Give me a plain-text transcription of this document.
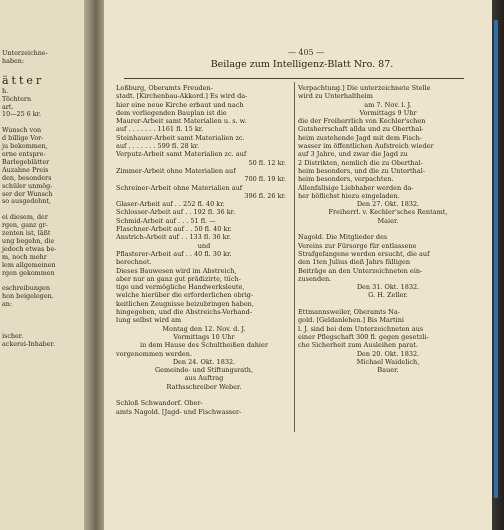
Unterzeichne-
haben:

ätter
h.
Töchtern
art.
10—25 6 kr.

Wunsch von
d billige Vor-
ju bekommen,
erne entspre-
Barlegeblätter
Auzahne Preis
den, besonders
schüler unmög-
ser der Wunsch
so ausgedehnt,

ei diesem, der
rgen, ganz gr-
zenten ist, läßt
ung begehn, die
jedoch etwas be-
m, noch mehr
lem allgemeinen
rgen gekommen

eschreibungen
hon beigelegen.
an:

ischer.
ackerei-Inhaber.
— 405 —
Beilage zum Intelligenz-Blatt Nro. 87.
Loßburg, Oberamts Freuden-
stadt. [Kirchenbau-Akkord.] Es wird da-
hier eine neue Kirche erbaut und nach
dem vorliegenden Bauplan ist die
Maurer-Arbeit samt Materialien u. s. w.
auf . . . . . . . 1161 fl. 15 kr.
Steinhauer-Arbeit samt Materialien zc.
auf . . . . . . . 599 fl. 28 kr.
Verputz-Arbeit samt Materialien zc. auf
50 fl. 12 kr.
Zimmer-Arbeit ohne Materialien auf
700 fl. 19 kr.
Schreiner-Arbeit ohne Materialien auf
396 fl. 26 kr.
Glaser-Arbeit auf . . 252 fl. 40 kr.
Schlosser-Arbeit auf . . 192 fl. 36 kr.
Schmid-Arbeit auf . . . 51 fl. —
Flaschner-Arbeit auf . . 50 fl. 40 kr.
Anstrich-Arbeit auf . . 133 fl. 36 kr.
und
Pflasterer-Arbeit auf . . 40 fl. 30 kr.
berechnet.
Dieses Bauwesen wird im Abstreich,
aber nur an ganz gut prädizirte, tüch-
tige und vermögliche Handwerksleute,
welche hierüber die erforderlichen obrig-
keitlichen Zeugnisse beizubringen haben,
hingegeben, und die Abstreichs-Verhand-
lung selbst wird am
Montag den 12. Nov. d. J.
Vormittags 10 Uhr
in dem Hause des Schultheißen dahier
vorgenommen werden.
Den 24. Okt. 1832.
Gemeinde- und Stiftungsrath,
aus Auftrag
Rathsschreiber Weber.

Schloß Schwandorf. Ober-
amts Nagold. [Jagd- und Fischwasser-
Verpachtung.] Die unterzeichnete Stelle
wird zu Unterhaltheim
am 7. Nov. l. J.
Vormittags 9 Uhr
die der Freiherrlich von Kechler'schen
Gutsherrschaft allda und zu Oberthal-
heim zustehende Jagd mit dem Fisch-
wasser im öffentlichen Aufstreich wieder
auf 3 Jahre, und zwar die Jagd zu
2 Distrikten, nemlich die zu Oberthal-
heim besonders, und die zu Unterthal-
heim besonders, verpachten.
Allenfallsige Liebhaber werden da-
her höflichst hiezu eingeladen.
Den 27. Okt. 1832.
Freiherrl. v. Kechler'sches Rentamt,
Maier.

Nagold. Die Mitglieder des
Vereins zur Fürsorge für entlassene
Strafgefangene werden ersucht, die auf
den 1ten Julius dieß Jahrs fälligen
Beiträge an den Unterzeichneten ein-
zusenden.
Den 31. Okt. 1832.
G. H. Zeller.

Ettmannsweiler, Oberamts Na-
gold. [Geldanlehen.] Bis Martini
l. J. sind bei dem Unterzeichneten aus
einer Pflegschaft 300 fl. gegen gesetzli-
che Sicherheit zum Ausleihen parat.
Den 20. Okt. 1832.
Michael Waidelich,
Bauer.
